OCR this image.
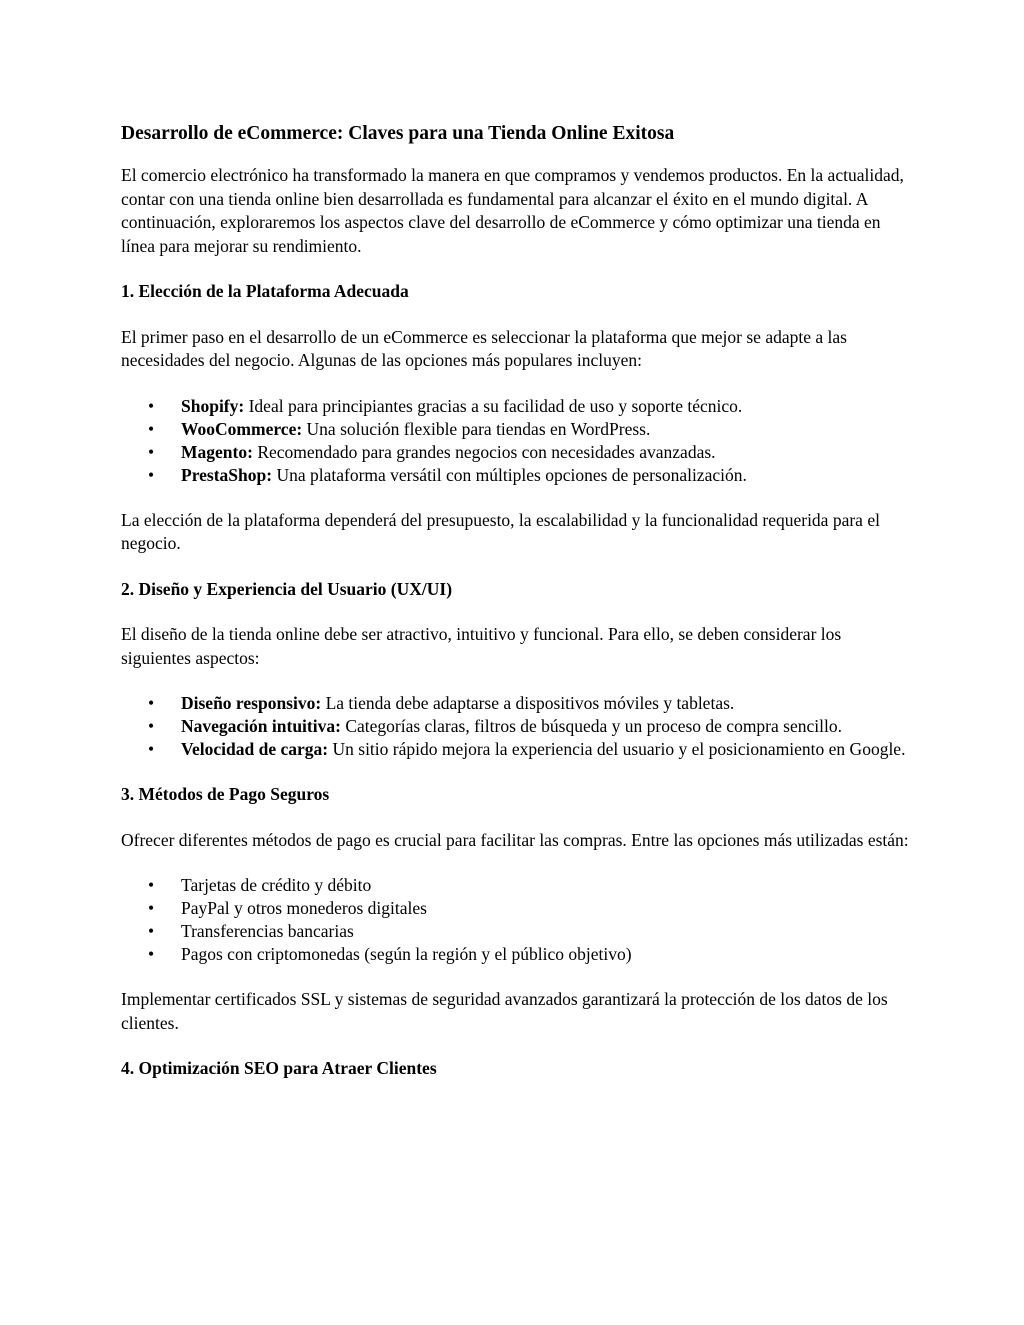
Desarrollo de eCommerce: Claves para una Tienda Online Exitosa

El comercio electrónico ha transformado la manera en que compramos y vendemos productos. En la actualidad, contar con una tienda online bien desarrollada es fundamental para alcanzar el éxito en el mundo digital. A continuación, exploraremos los aspectos clave del desarrollo de eCommerce y cómo optimizar una tienda en línea para mejorar su rendimiento.

1. Elección de la Plataforma Adecuada

El primer paso en el desarrollo de un eCommerce es seleccionar la plataforma que mejor se adapte a las necesidades del negocio. Algunas de las opciones más populares incluyen:

• Shopify: Ideal para principiantes gracias a su facilidad de uso y soporte técnico.
• WooCommerce: Una solución flexible para tiendas en WordPress.
• Magento: Recomendado para grandes negocios con necesidades avanzadas.
• PrestaShop: Una plataforma versátil con múltiples opciones de personalización.

La elección de la plataforma dependerá del presupuesto, la escalabilidad y la funcionalidad requerida para el negocio.

2. Diseño y Experiencia del Usuario (UX/UI)

El diseño de la tienda online debe ser atractivo, intuitivo y funcional. Para ello, se deben considerar los siguientes aspectos:

• Diseño responsivo: La tienda debe adaptarse a dispositivos móviles y tabletas.
• Navegación intuitiva: Categorías claras, filtros de búsqueda y un proceso de compra sencillo.
• Velocidad de carga: Un sitio rápido mejora la experiencia del usuario y el posicionamiento en Google.
3. Métodos de Pago Seguros

Ofrecer diferentes métodos de pago es crucial para facilitar las compras. Entre las opciones más utilizadas están:

• Tarjetas de crédito y débito
• PayPal y otros monederos digitales
• Transferencias bancarias
• Pagos con criptomonedas (según la región y el público objetivo)

Implementar certificados SSL y sistemas de seguridad avanzados garantizará la protección de los datos de los clientes.

4. Optimización SEO para Atraer Clientes
